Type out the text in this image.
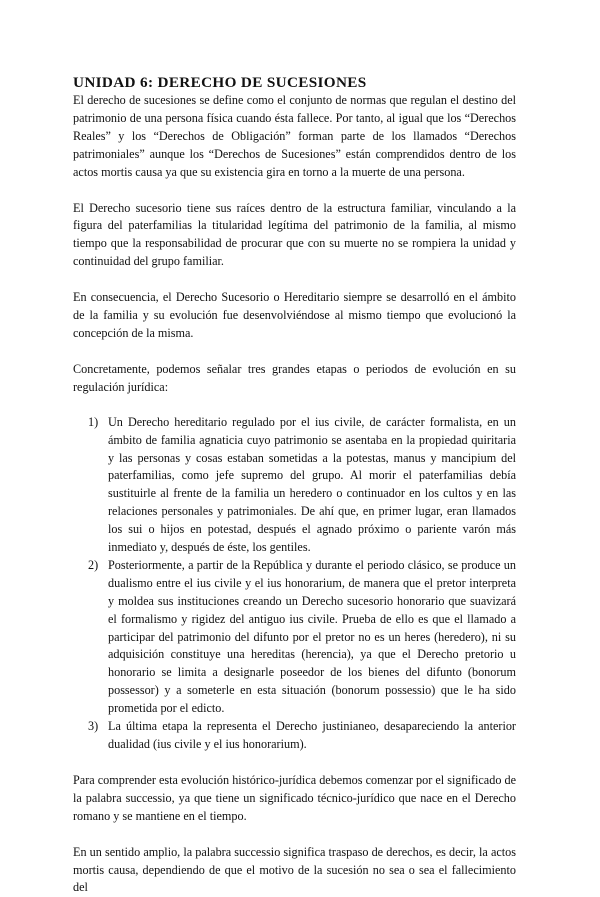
UNIDAD 6: DERECHO DE SUCESIONES

El derecho de sucesiones se define como el conjunto de normas que regulan el destino del patrimonio de una persona física cuando ésta fallece. Por tanto, al igual que los “Derechos Reales” y los “Derechos de Obligación” forman parte de los llamados “Derechos patrimoniales” aunque los “Derechos de Sucesiones” están comprendidos dentro de los actos mortis causa ya que su existencia gira en torno a la muerte de una persona.

El Derecho sucesorio tiene sus raíces dentro de la estructura familiar, vinculando a la figura del paterfamilias la titularidad legítima del patrimonio de la familia, al mismo tiempo que la responsabilidad de procurar que con su muerte no se rompiera la unidad y continuidad del grupo familiar.

En consecuencia, el Derecho Sucesorio o Hereditario siempre se desarrolló en el ámbito de la familia y su evolución fue desenvolviéndose al mismo tiempo que evolucionó la concepción de la misma.

Concretamente, podemos señalar tres grandes etapas o periodos de evolución en su regulación jurídica:

1) Un Derecho hereditario regulado por el ius civile, de carácter formalista, en un ámbito de familia agnaticia cuyo patrimonio se asentaba en la propiedad quiritaria y las personas y cosas estaban sometidas a la potestas, manus y mancipium del paterfamilias, como jefe supremo del grupo. Al morir el paterfamilias debía sustituirle al frente de la familia un heredero o continuador en los cultos y en las relaciones personales y patrimoniales. De ahí que, en primer lugar, eran llamados los sui o hijos en potestad, después el agnado próximo o pariente varón más inmediato y, después de éste, los gentiles.
2) Posteriormente, a partir de la República y durante el periodo clásico, se produce un dualismo entre el ius civile y el ius honorarium, de manera que el pretor interpreta y moldea sus instituciones creando un Derecho sucesorio honorario que suavizará el formalismo y rigidez del antiguo ius civile. Prueba de ello es que el llamado a participar del patrimonio del difunto por el pretor no es un heres (heredero), ni su adquisición constituye una hereditas (herencia), ya que el Derecho pretorio u honorario se limita a designarle poseedor de los bienes del difunto (bonorum possessor) y a someterle en esta situación (bonorum possessio) que le ha sido prometida por el edicto.
3) La última etapa la representa el Derecho justinianeo, desapareciendo la anterior dualidad (ius civile y el ius honorarium).

Para comprender esta evolución histórico-jurídica debemos comenzar por el significado de la palabra successio, ya que tiene un significado técnico-jurídico que nace en el Derecho romano y se mantiene en el tiempo.

En un sentido amplio, la palabra successio significa traspaso de derechos, es decir, la actos mortis causa, dependiendo de que el motivo de la sucesión no sea o sea el fallecimiento del
